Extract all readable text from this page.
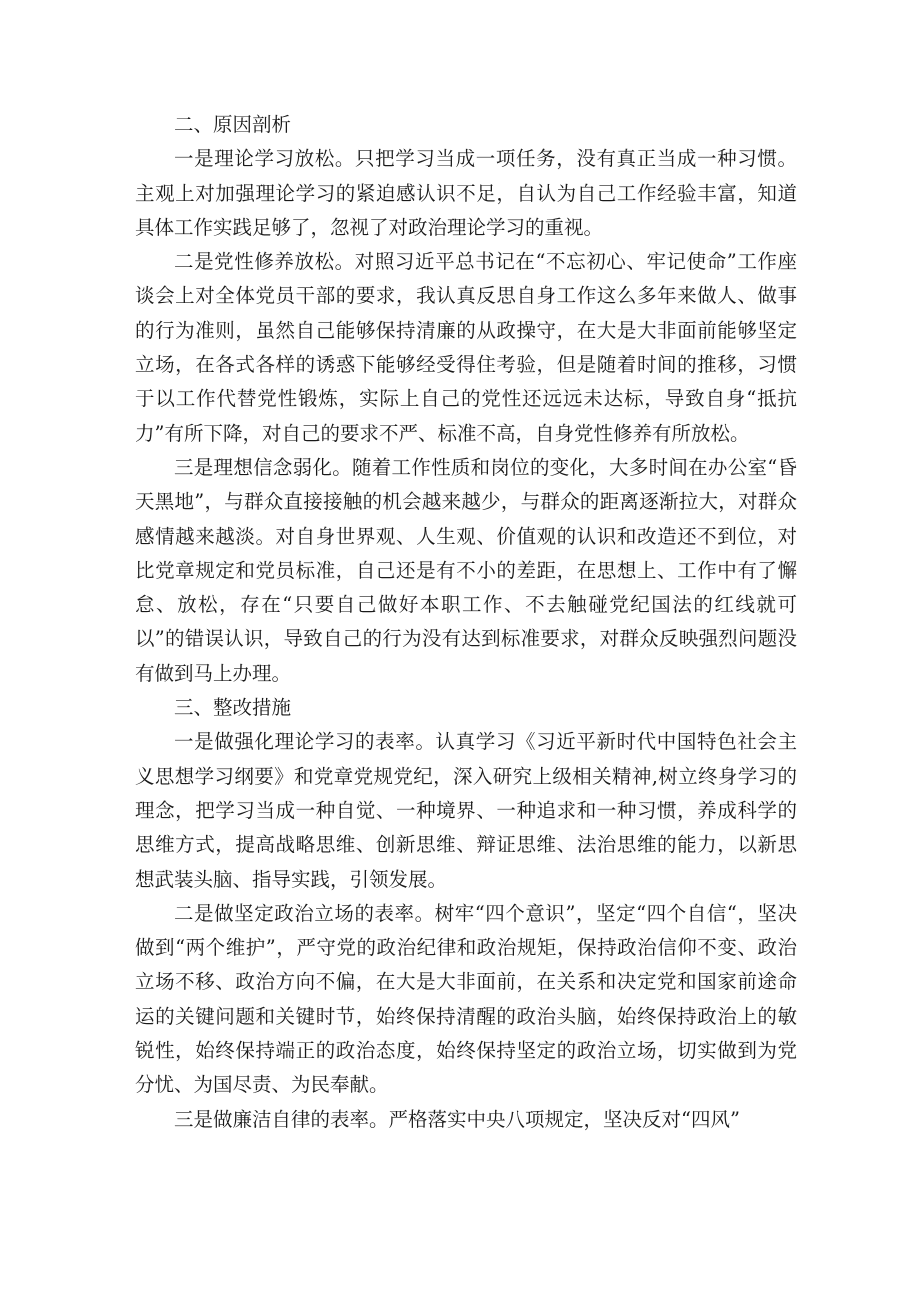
二、原因剖析

一是理论学习放松。只把学习当成一项任务，没有真正当成一种习惯。主观上对加强理论学习的紧迫感认识不足，自认为自己工作经验丰富，知道具体工作实践足够了，忽视了对政治理论学习的重视。

二是党性修养放松。对照习近平总书记在“不忘初心、牢记使命”工作座谈会上对全体党员干部的要求，我认真反思自身工作这么多年来做人、做事的行为准则，虽然自己能够保持清廉的从政操守，在大是大非面前能够坚定立场，在各式各样的诱惑下能够经受得住考验，但是随着时间的推移，习惯于以工作代替党性锻炼，实际上自己的党性还远远未达标，导致自身“抵抗力”有所下降，对自己的要求不严、标准不高，自身党性修养有所放松。

三是理想信念弱化。随着工作性质和岗位的变化，大多时间在办公室“昏天黑地”，与群众直接接触的机会越来越少，与群众的距离逐渐拉大，对群众感情越来越淡。对自身世界观、人生观、价值观的认识和改造还不到位，对比党章规定和党员标准，自己还是有不小的差距，在思想上、工作中有了懈怠、放松，存在“只要自己做好本职工作、不去触碰党纪国法的红线就可以”的错误认识，导致自己的行为没有达到标准要求，对群众反映强烈问题没有做到马上办理。

三、整改措施

一是做强化理论学习的表率。认真学习《习近平新时代中国特色社会主义思想学习纲要》和党章党规党纪，深入研究上级相关精神,树立终身学习的理念，把学习当成一种自觉、一种境界、一种追求和一种习惯，养成科学的思维方式，提高战略思维、创新思维、辩证思维、法治思维的能力，以新思想武装头脑、指导实践，引领发展。

二是做坚定政治立场的表率。树牢“四个意识”，坚定“四个自信“，坚决做到“两个维护”，严守党的政治纪律和政治规矩，保持政治信仰不变、政治立场不移、政治方向不偏，在大是大非面前，在关系和决定党和国家前途命运的关键问题和关键时节，始终保持清醒的政治头脑，始终保持政治上的敏锐性，始终保持端正的政治态度，始终保持坚定的政治立场，切实做到为党分忧、为国尽责、为民奉献。

三是做廉洁自律的表率。严格落实中央八项规定，坚决反对“四风”
